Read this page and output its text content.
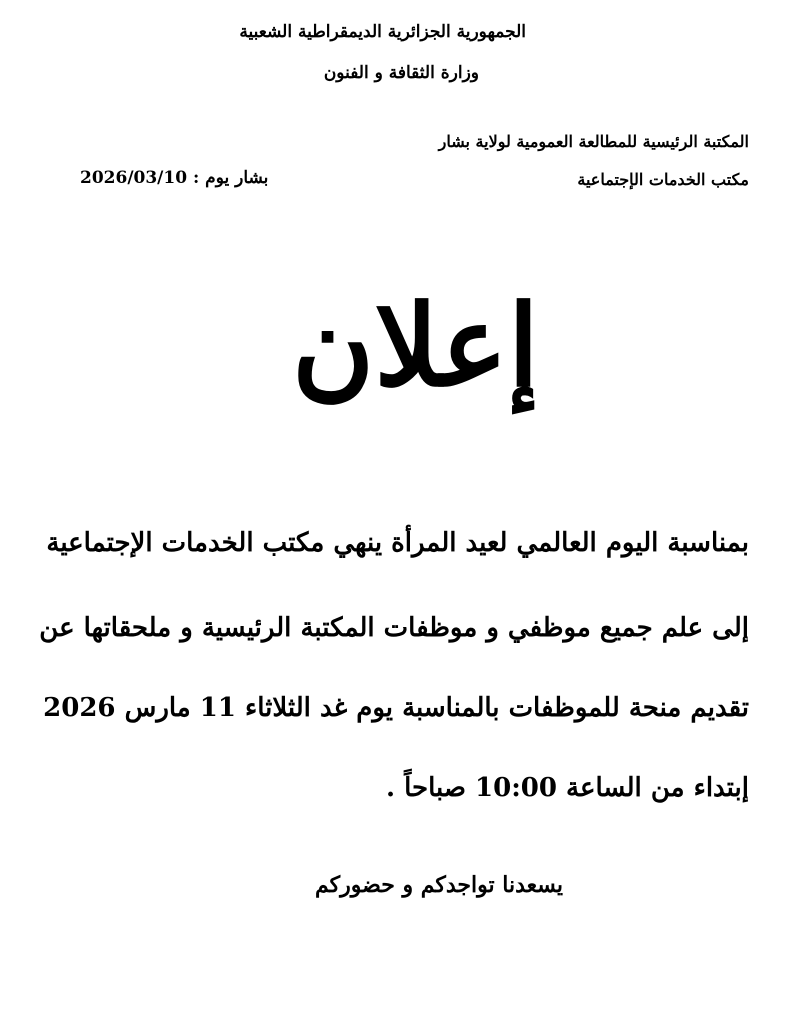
الجمهورية الجزائرية الديمقراطية الشعبية
وزارة الثقافة و الفنون
المكتبة الرئيسية للمطالعة العمومية لولاية بشار
مكتب الخدمات الإجتماعية
بشار يوم : 2026/03/10
إعلان
بمناسبة اليوم العالمي لعيد المرأة ينهي مكتب الخدمات الإجتماعية
إلى علم جميع موظفي و موظفات المكتبة الرئيسية و ملحقاتها عن
تقديم منحة للموظفات بالمناسبة يوم غد الثلاثاء 11 مارس 2026
إبتداء من الساعة 10:00 صباحاً .
يسعدنا تواجدكم و حضوركم
